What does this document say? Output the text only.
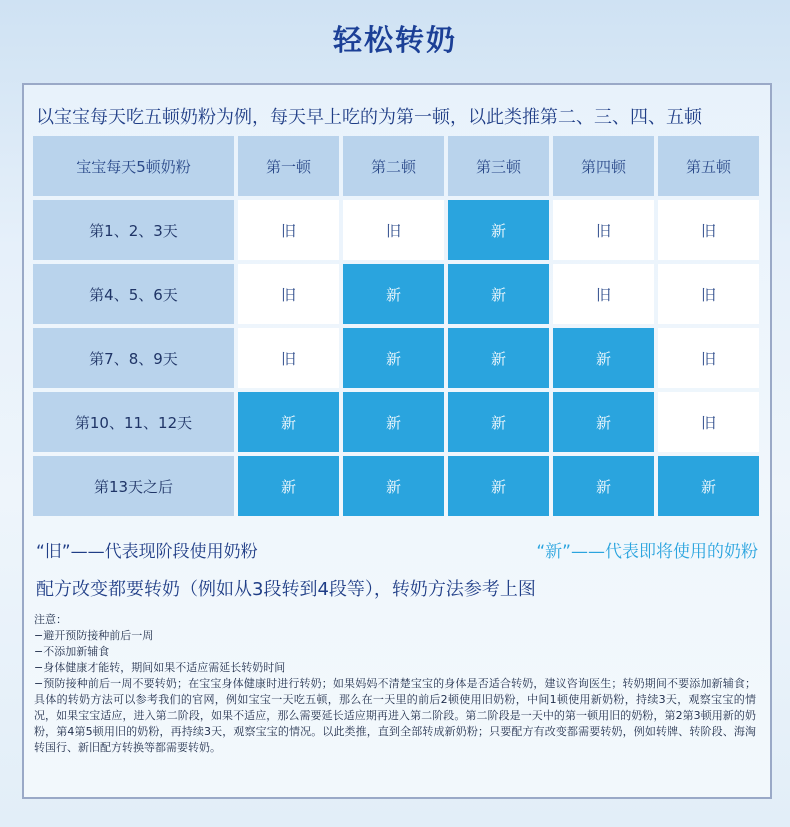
轻松转奶
以宝宝每天吃五顿奶粉为例，每天早上吃的为第一顿，以此类推第二、三、四、五顿
宝宝每天5顿奶粉	第一顿	第二顿	第三顿	第四顿	第五顿
第1、2、3天	旧	旧	新	旧	旧
第4、5、6天	旧	新	新	旧	旧
第7、8、9天	旧	新	新	新	旧
第10、11、12天	新	新	新	新	旧
第13天之后	新	新	新	新	新
“旧”——代表现阶段使用奶粉	“新”——代表即将使用的奶粉
配方改变都要转奶（例如从3段转到4段等），转奶方法参考上图
注意：
−避开预防接种前后一周
−不添加新辅食
−身体健康才能转，期间如果不适应需延长转奶时间
−预防接种前后一周不要转奶；在宝宝身体健康时进行转奶；如果妈妈不清楚宝宝的身体是否适合转奶，建议咨询医生；转奶期间不要添加新辅食；具体的转奶方法可以参考我们的官网，例如宝宝一天吃五顿，那么在一天里的前后2顿使用旧奶粉，中间1顿使用新奶粉，持续3天，观察宝宝的情况，如果宝宝适应，进入第二阶段，如果不适应，那么需要延长适应期再进入第二阶段。第二阶段是一天中的第一顿用旧的奶粉，第2第3顿用新的奶粉，第4第5顿用旧的奶粉，再持续3天，观察宝宝的情况。以此类推，直到全部转成新奶粉；只要配方有改变都需要转奶，例如转牌、转阶段、海淘转国行、新旧配方转换等都需要转奶。
